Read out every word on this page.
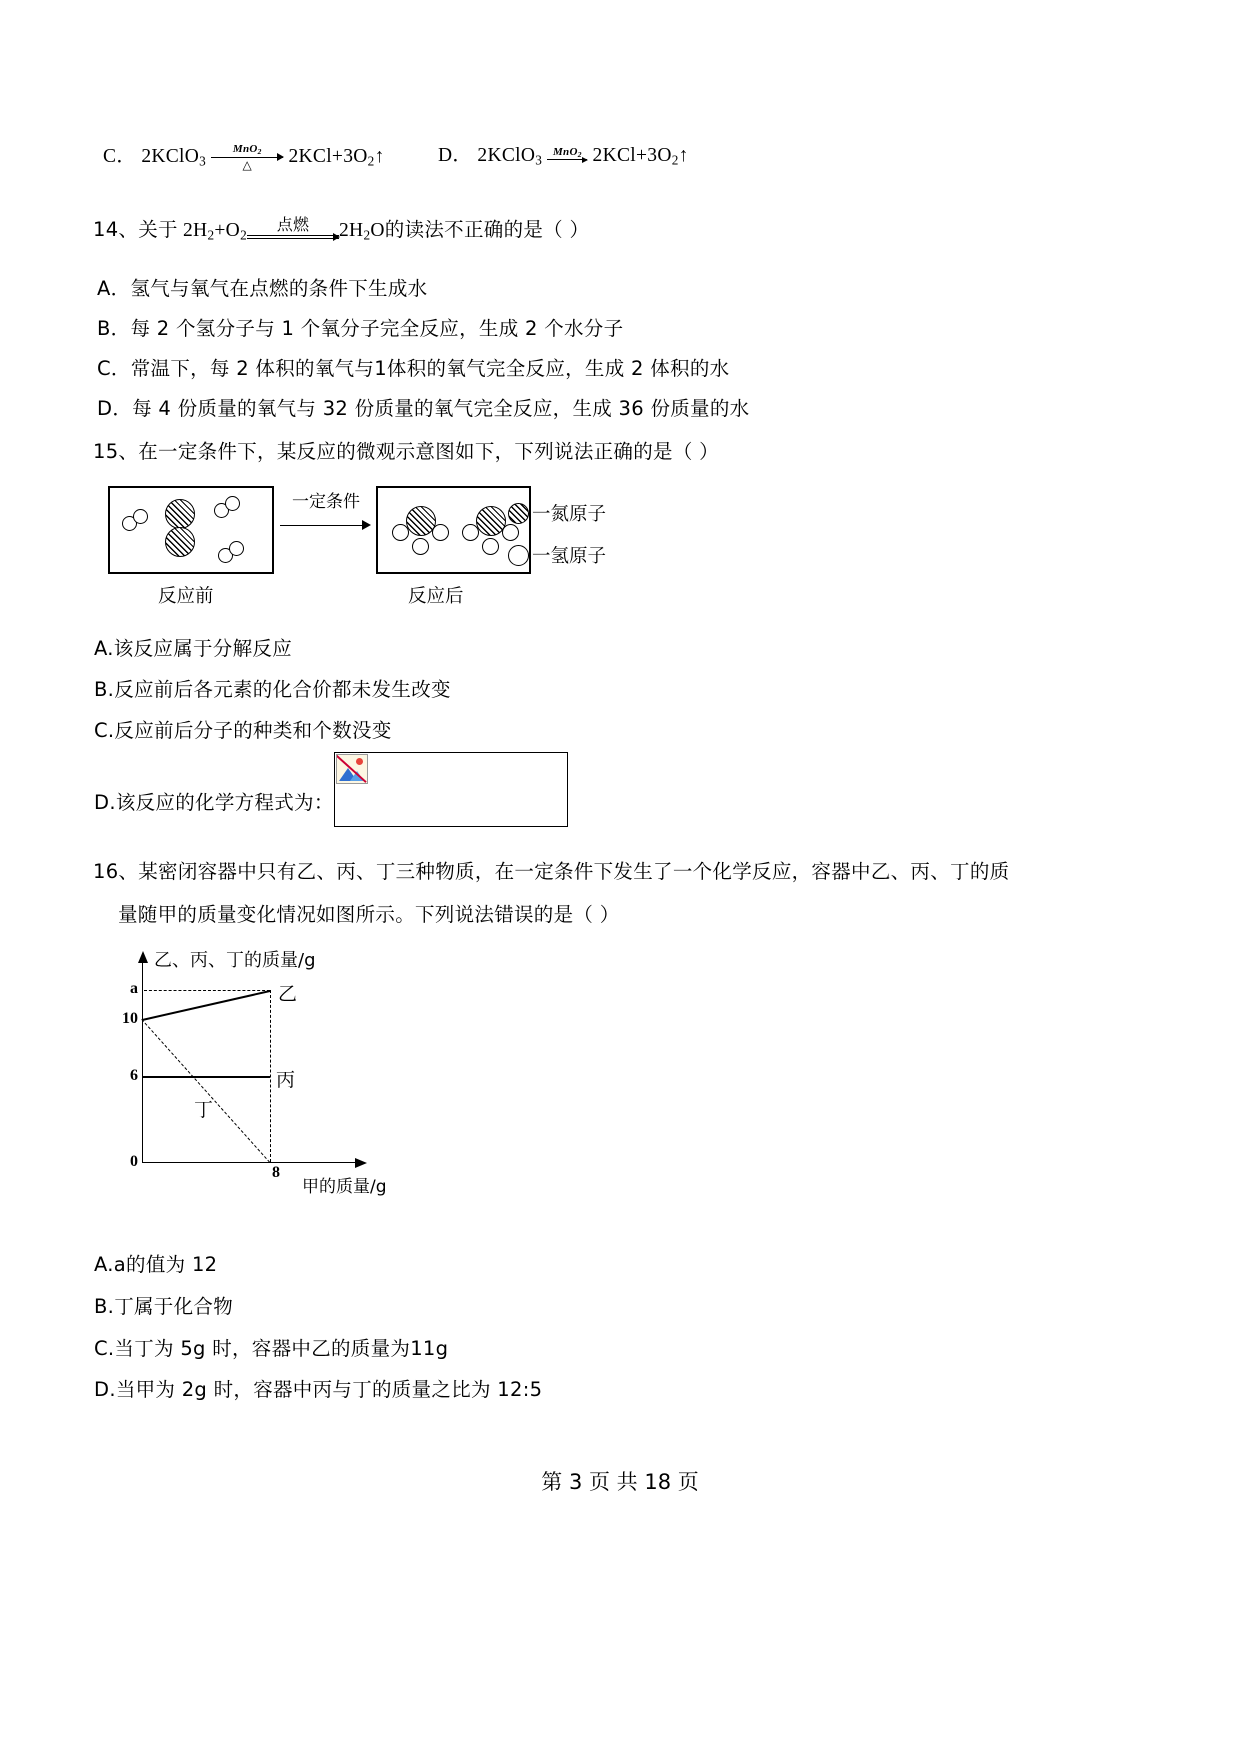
C． 2KClO$_3$
MnO$_2$
△	$2KCl+3O_2↑$	D． 2KClO$_3$
MnO$_2$ $2KCl+3O_2↑$
14、关于 $2H_2+O_2$
点燃	$2H_2O$的读法不正确的是（ ）
A．氢气与氧气在点燃的条件下生成水
B．每 2 个氢分子与 1 个氧分子完全反应，生成 2 个水分子
C．常温下，每 2 体积的氧气与1体积的氧气完全反应，生成 2 体积的水
D．每 4 份质量的氧气与 32 份质量的氧气完全反应，生成 36 份质量的水
15、在一定条件下，某反应的微观示意图如下，下列说法正确的是（ ）
一定条件
反应前	反应后
一氮原子
一氢原子
A.该反应属于分解反应
B.反应前后各元素的化合价都未发生改变
C.反应前后分子的种类和个数没变
D.该反应的化学方程式为：
16、某密闭容器中只有乙、丙、丁三种物质，在一定条件下发生了一个化学反应，容器中乙、丙、丁的质
量随甲的质量变化情况如图所示。下列说法错误的是（ ）
乙、丙、丁的质量/g
甲的质量/g
a
10
6
0
8
乙
丙
丁
A.a的值为 12
B.丁属于化合物
C.当丁为 5g 时，容器中乙的质量为11g
D.当甲为 2g 时，容器中丙与丁的质量之比为 12:5
第 3 页 共 18 页
